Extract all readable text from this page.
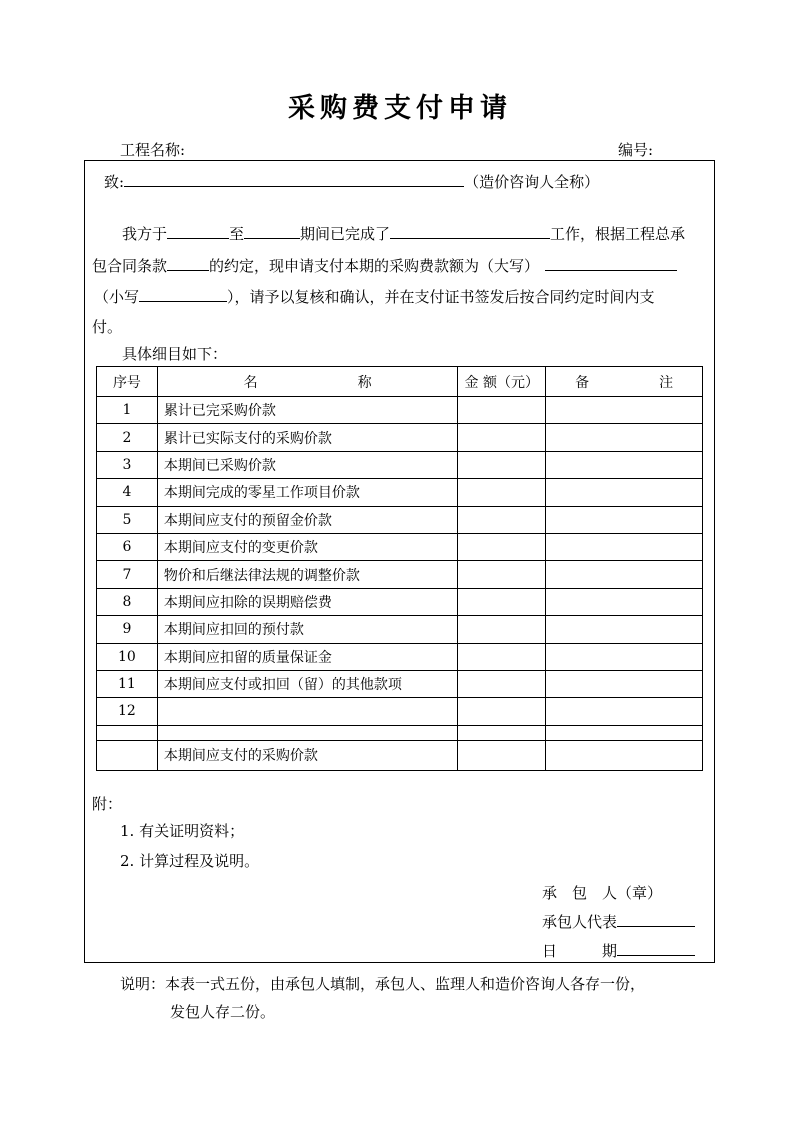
采购费支付申请
工程名称:	编号:
致:	（造价咨询人全称）
我方于	至	期间已完成了	工作，根据工程总承
包合同条款	的约定，现申请支付本期的采购费款额为（大写）
（小写	），请予以复核和确认，并在支付证书签发后按合同约定时间内支
付。
具体细目如下：
序号	名 称	金 额（元）	备 注
1	累计已完采购价款		
2	累计已实际支付的采购价款		
3	本期间已采购价款		
4	本期间完成的零星工作项目价款		
5	本期间应支付的预留金价款		
6	本期间应支付的变更价款		
7	物价和后继法律法规的调整价款		
8	本期间应扣除的误期赔偿费		
9	本期间应扣回的预付款		
10	本期间应扣留的质量保证金		
11	本期间应支付或扣回（留）的其他款项		
12			

	本期间应支付的采购价款		
附：
1. 有关证明资料；
2. 计算过程及说明。
承　包　人（章）
承包人代表
日　　　期
说明：本表一式五份，由承包人填制，承包人、监理人和造价咨询人各存一份，
发包人存二份。
